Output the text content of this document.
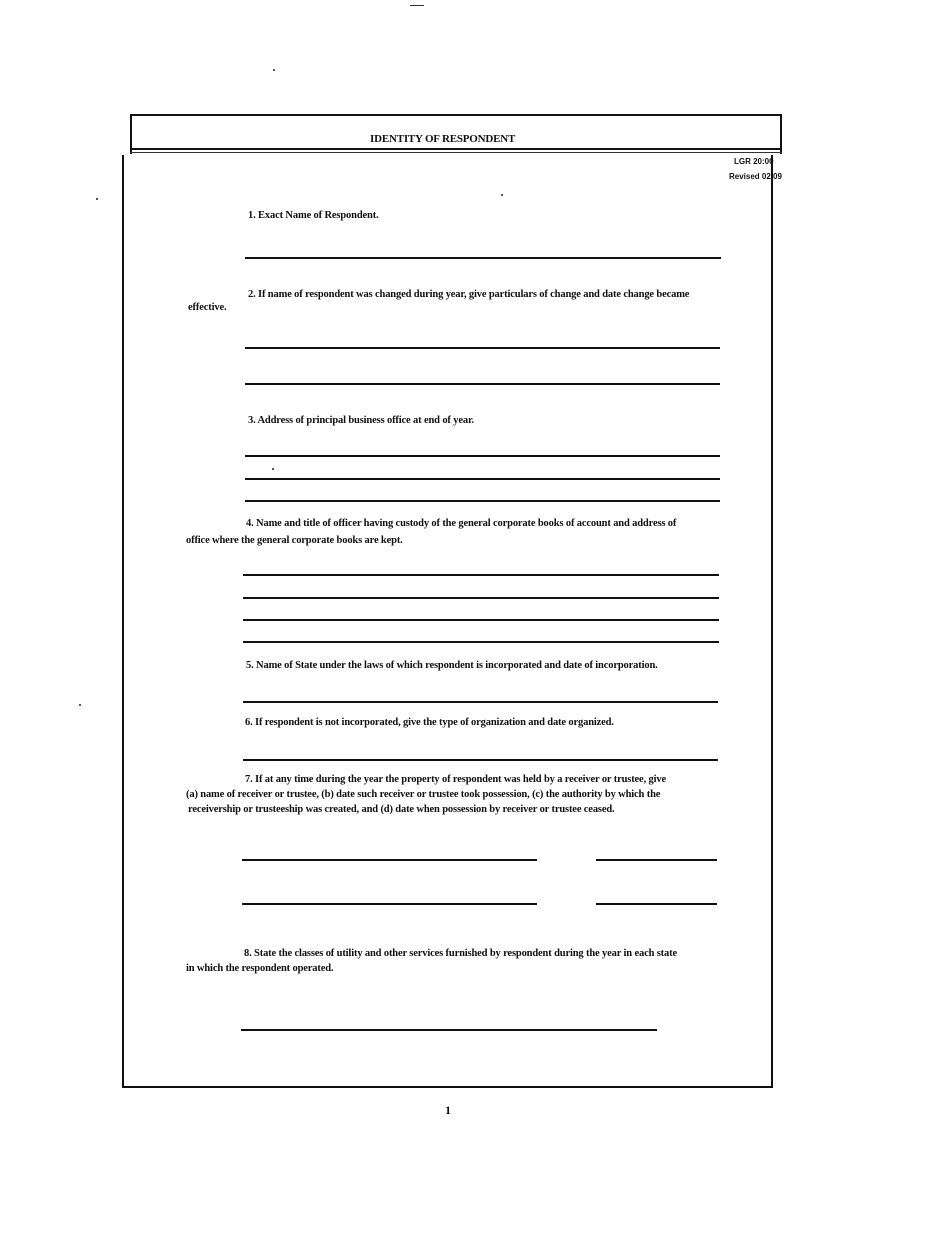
IDENTITY OF RESPONDENT
LGR 20:00
Revised 02/09
1. Exact Name of Respondent.
2. If name of respondent was changed during year, give particulars of change and date change became
effective.
3. Address of principal business office at end of year.
4. Name and title of officer having custody of the general corporate books of account and address of
office where the general corporate books are kept.
5. Name of State under the laws of which respondent is incorporated and date of incorporation.
6. If respondent is not incorporated, give the type of organization and date organized.
7. If at any time during the year the property of respondent was held by a receiver or trustee, give
(a) name of receiver or trustee, (b) date such receiver or trustee took possession, (c) the authority by which the
receivership or trusteeship was created, and (d) date when possession by receiver or trustee ceased.
8. State the classes of utility and other services furnished by respondent during the year in each state
in which the respondent operated.
1
